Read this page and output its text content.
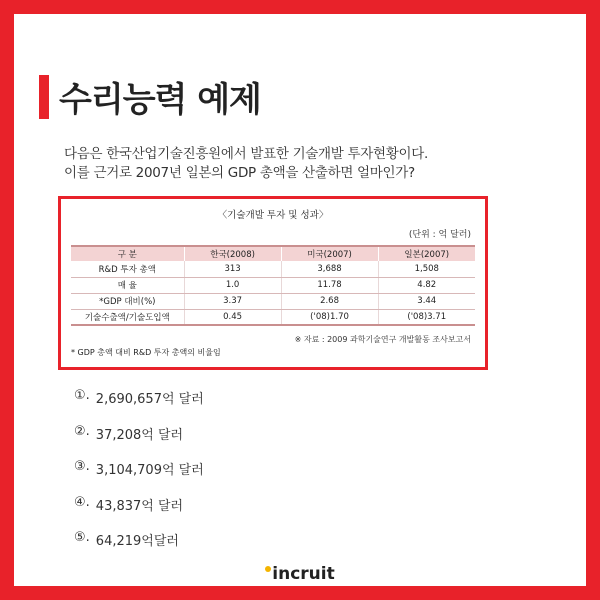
수리능력 예제
다음은 한국산업기술진흥원에서 발표한 기술개발 투자현황이다.
이를 근거로 2007년 일본의 GDP 총액을 산출하면 얼마인가?
〈기술개발 투자 및 성과〉
(단위 : 억 달러)
구 분	한국(2008)	미국(2007)	일본(2007)
R&D 투자 총액	313	3,688	1,508
매 율	1.0	11.78	4.82
*GDP 대비(%)	3.37	2.68	3.44
기술수출액/기술도입액	0.45	('08)1.70	('08)3.71
※ 자료 : 2009 과학기술연구 개발활동 조사보고서
* GDP 총액 대비 R&D 투자 총액의 비율임
①. 2,690,657억 달러
②. 37,208억 달러
③. 3,104,709억 달러
④. 43,837억 달러
⑤. 64,219억달러
incruit
